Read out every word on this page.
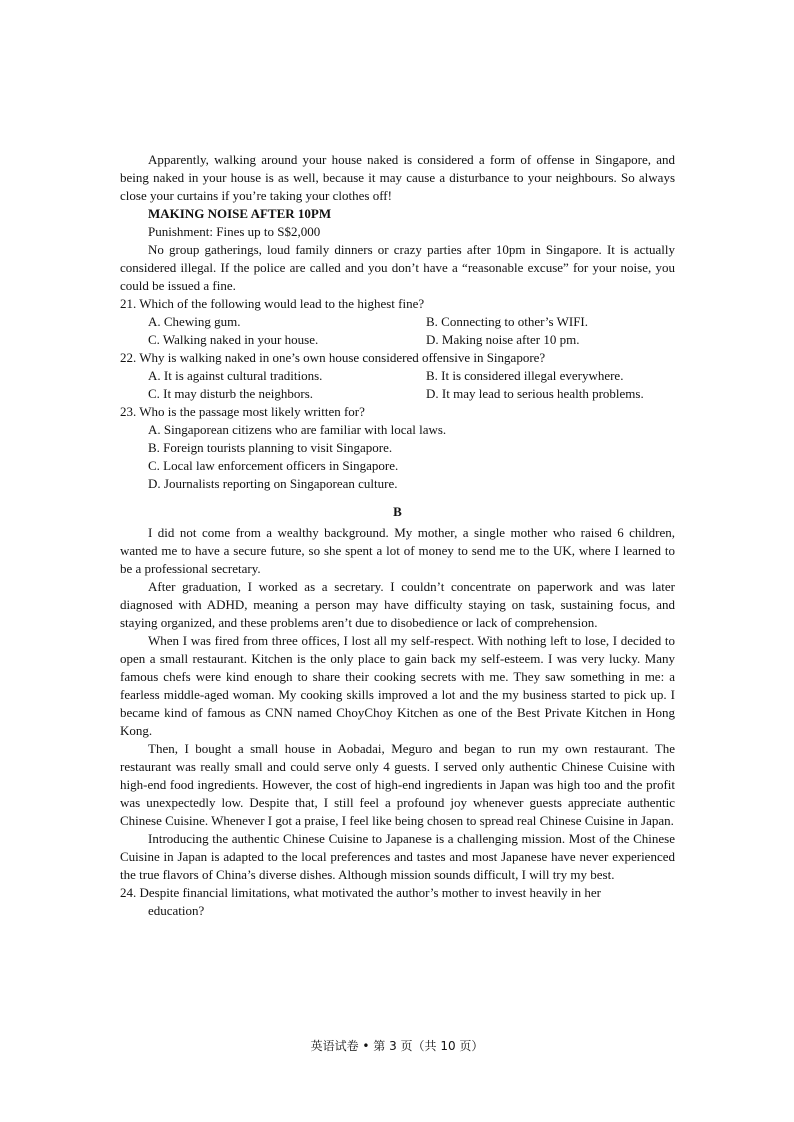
Apparently, walking around your house naked is considered a form of offense in Singapore, and being naked in your house is as well, because it may cause a disturbance to your neighbours. So always close your curtains if you’re taking your clothes off!

MAKING NOISE AFTER 10PM
Punishment: Fines up to S$2,000

No group gatherings, loud family dinners or crazy parties after 10pm in Singapore. It is actually considered illegal. If the police are called and you don’t have a “reasonable excuse” for your noise, you could be issued a fine.

21. Which of the following would lead to the highest fine?
A. Chewing gum.	B. Connecting to other’s WIFI.
C. Walking naked in your house.	D. Making noise after 10 pm.
22. Why is walking naked in one’s own house considered offensive in Singapore?
A. It is against cultural traditions.	B. It is considered illegal everywhere.
C. It may disturb the neighbors.	D. It may lead to serious health problems.
23. Who is the passage most likely written for?
A. Singaporean citizens who are familiar with local laws.
B. Foreign tourists planning to visit Singapore.
C. Local law enforcement officers in Singapore.
D. Journalists reporting on Singaporean culture.
B

I did not come from a wealthy background. My mother, a single mother who raised 6 children, wanted me to have a secure future, so she spent a lot of money to send me to the UK, where I learned to be a professional secretary.

After graduation, I worked as a secretary. I couldn’t concentrate on paperwork and was later diagnosed with ADHD, meaning a person may have difficulty staying on task, sustaining focus, and staying organized, and these problems aren’t due to disobedience or lack of comprehension.

When I was fired from three offices, I lost all my self-respect. With nothing left to lose, I decided to open a small restaurant. Kitchen is the only place to gain back my self-esteem. I was very lucky. Many famous chefs were kind enough to share their cooking secrets with me. They saw something in me: a fearless middle-aged woman. My cooking skills improved a lot and the my business started to pick up. I became kind of famous as CNN named ChoyChoy Kitchen as one of the Best Private Kitchen in Hong Kong.

Then, I bought a small house in Aobadai, Meguro and began to run my own restaurant. The restaurant was really small and could serve only 4 guests. I served only authentic Chinese Cuisine with high-end food ingredients. However, the cost of high-end ingredients in Japan was high too and the profit was unexpectedly low. Despite that, I still feel a profound joy whenever guests appreciate authentic Chinese Cuisine. Whenever I got a praise, I feel like being chosen to spread real Chinese Cuisine in Japan.

Introducing the authentic Chinese Cuisine to Japanese is a challenging mission. Most of the Chinese Cuisine in Japan is adapted to the local preferences and tastes and most Japanese have never experienced the true flavors of China’s diverse dishes. Although mission sounds difficult, I will try my best.

24. Despite financial limitations, what motivated the author’s mother to invest heavily in her
education?
英语试卷 • 第 3 页（共 10 页）
